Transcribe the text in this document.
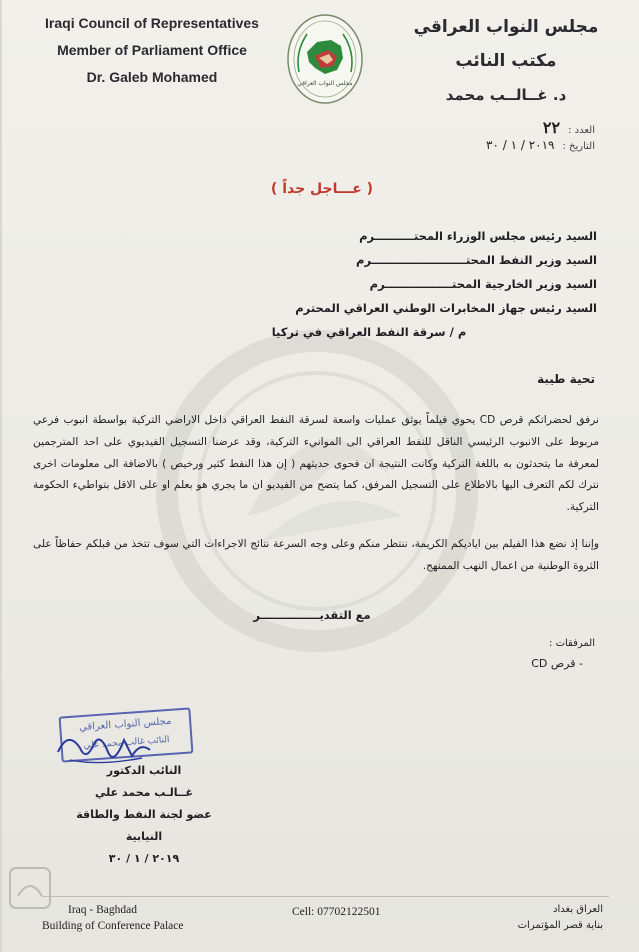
Iraqi Council of Representatives
Member of Parliament Office
Dr. Galeb Mohamed	مجلس النواب العراقي
مجلس النواب العراقي
مكتب النائب
د. غــالــب محمد
العدد :
٢٢
التاريخ :
٢٠١٩ / ١ / ٣٠
( عـــاجل جداً )
السيد رئيس مجلس الوزراء المحتــــــــــرم
السيد وزير النفط المحتــــــــــــــــــــــــرم
السيد وزير الخارجية المحتـــــــــــــــــرم
السيد رئيس جهاز المخابرات الوطني العراقي المحترم
م / سرقة النفط العراقي في تركيا
تحية طيبة
نرفق لحضراتكم قرص CD يحوي فيلماً يوثق عمليات واسعة لسرقة النفط العراقي داخل الاراضي التركية بواسطة انبوب فرعي مربوط على الانبوب الرئيسي الناقل للنفط العراقي الى الموانيء التركية، وقد عرضنا التسجيل الفيديوي على احد المترجمين لمعرفة ما يتحدثون به باللغة التركية وكانت النتيجة ان فحوى حديثهم ( إن هذا النفط كثير ورخيص ) بالاضافة الى معلومات اخرى نترك لكم التعرف اليها بالاطلاع على التسجيل المرفق، كما يتضح من الفيديو ان ما يجري هو بعلم او على الاقل بتواطيء الحكومة التركية.
وإننا إذ نضع هذا الفيلم بين اياديكم الكريمة، ننتظر منكم وعلى وجه السرعة نتائج الاجراءات التي سوف تتخذ من قبلكم حفاظاً على الثروة الوطنية من اعمال النهب الممنهج.
مع التقديـــــــــــــــر
المرفقات :
- قرص CD
مجلس النواب العراقي
النائب غالب محمد علي
النائب الدكتور
غــالـب محمد علي
عضو لجنة النفط والطاقة النيابية
٢٠١٩ / ١ / ٣٠
Iraq - Baghdad
Building of Conference Palace
Cell: 07702122501	العراق بغداد
بناية قصر المؤتمرات
